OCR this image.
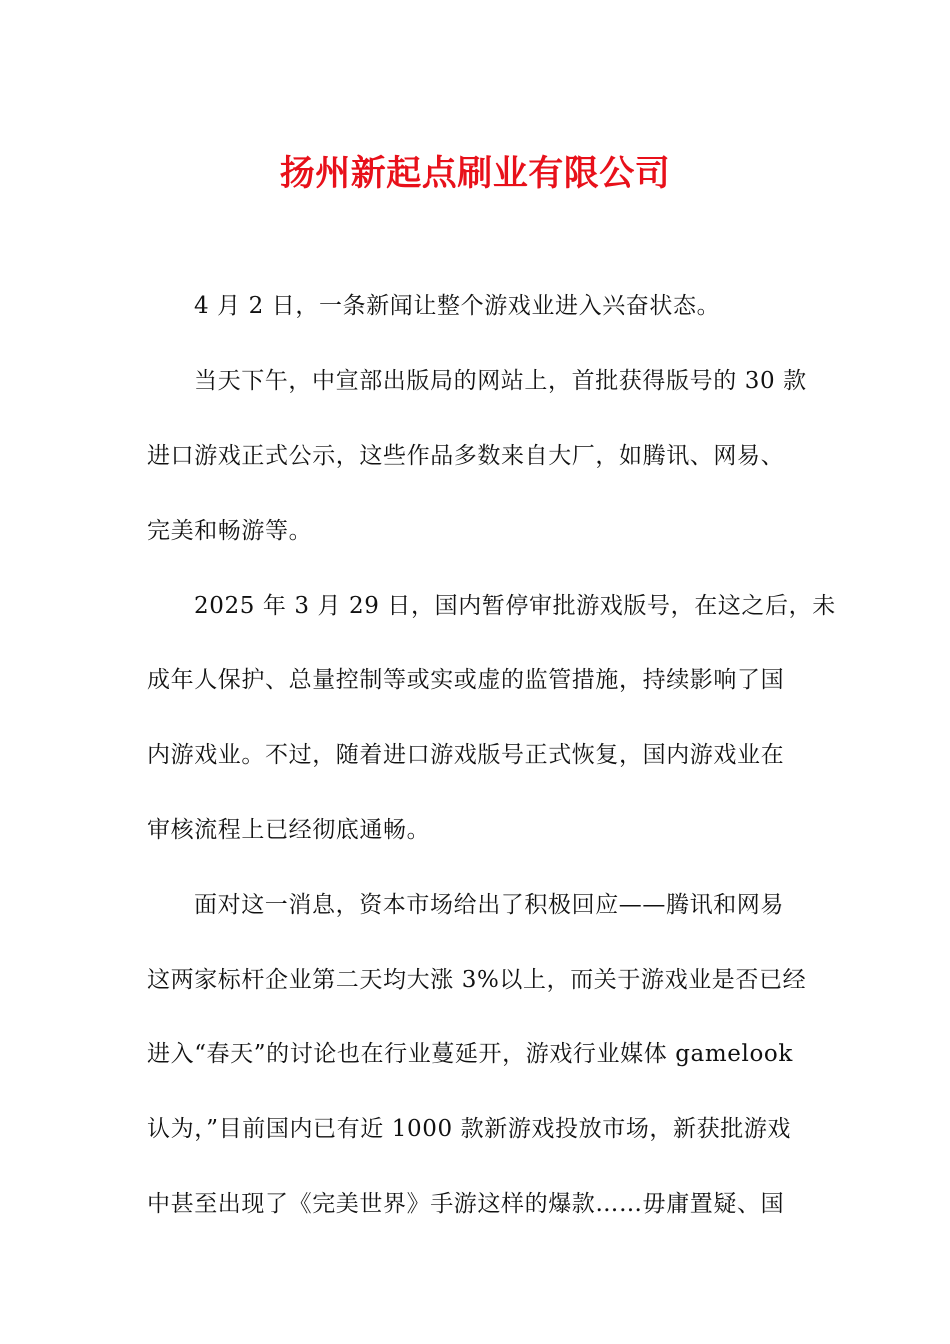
扬州新起点刷业有限公司
4 月 2 日，一条新闻让整个游戏业进入兴奋状态。
当天下午，中宣部出版局的网站上，首批获得版号的 30 款
进口游戏正式公示，这些作品多数来自大厂，如腾讯、网易、
完美和畅游等。
2025 年 3 月 29 日，国内暂停审批游戏版号，在这之后，未
成年人保护、总量控制等或实或虚的监管措施，持续影响了国
内游戏业。不过，随着进口游戏版号正式恢复，国内游戏业在
审核流程上已经彻底通畅。
面对这一消息，资本市场给出了积极回应——腾讯和网易
这两家标杆企业第二天均大涨 3%以上，而关于游戏业是否已经
进入“春天”的讨论也在行业蔓延开，游戏行业媒体 gamelook
认为，”目前国内已有近 1000 款新游戏投放市场，新获批游戏
中甚至出现了《完美世界》手游这样的爆款……毋庸置疑、国
